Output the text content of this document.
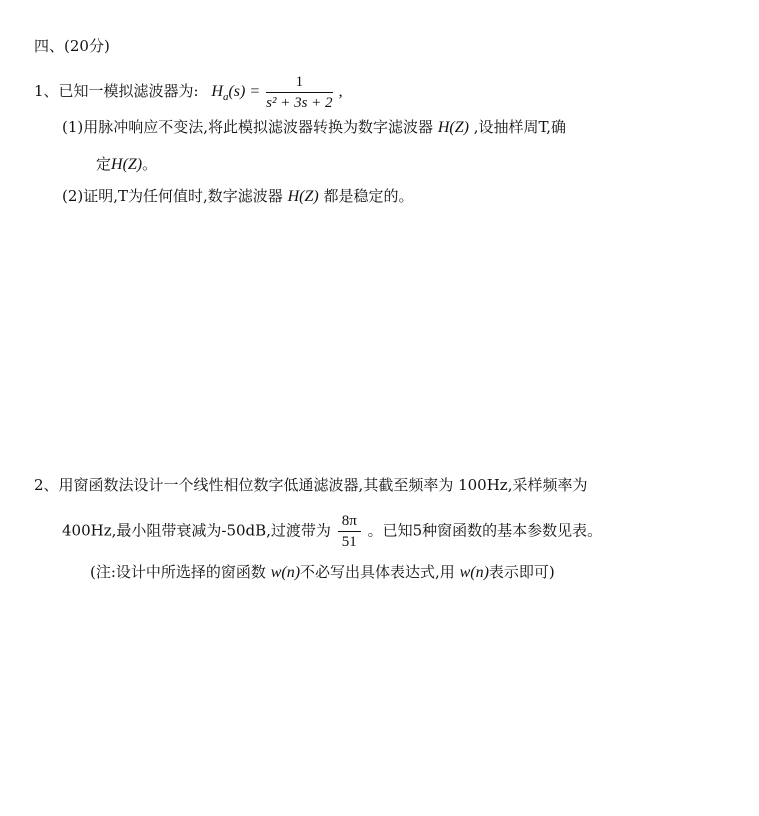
四、(20分)
1、已知一模拟滤波器为: $H_a(s) = \frac{1}{\text{s² + 3s + 2}}$ ,
(1)用脉冲响应不变法,将此模拟滤波器转换为数字滤波器 H(Z) ,设抽样周T,确
定H(Z)。
(2)证明,T为任何值时,数字滤波器 H(Z) 都是稳定的。
2、用窗函数法设计一个线性相位数字低通滤波器,其截至频率为 100Hz,采样频率为
400Hz,最小阻带衰减为-50dB,过渡带为 $\frac{8\pi}{51}$ 。已知5种窗函数的基本参数见表。
(注:设计中所选择的窗函数 w(n)不必写出具体表达式,用 w(n)表示即可)
